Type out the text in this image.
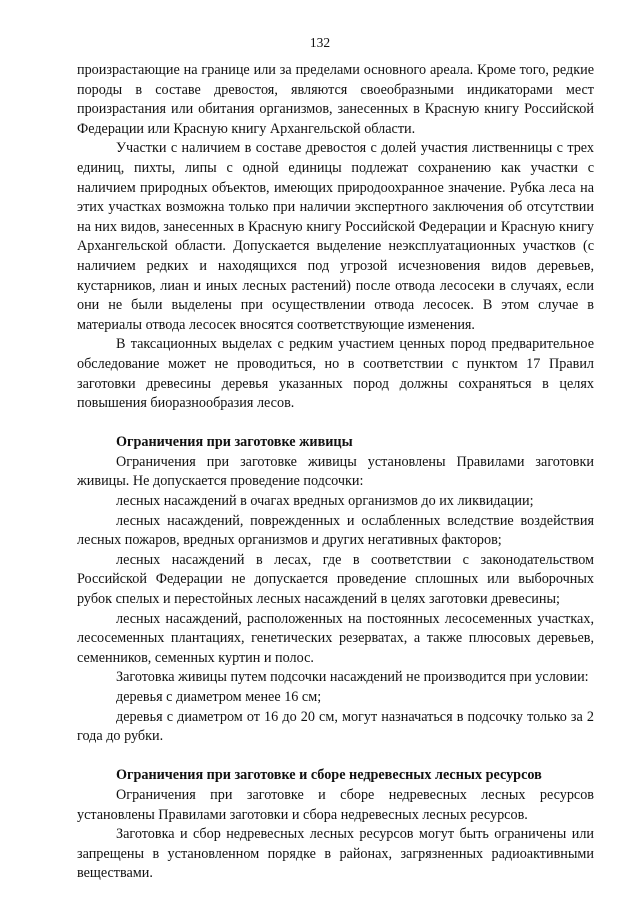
132

произрастающие на границе или за пределами основного ареала. Кроме того, редкие породы в составе древостоя, являются своеобразными индикаторами мест произрастания или обитания организмов, занесенных в Красную книгу Российской Федерации или Красную книгу Архангельской области.

Участки с наличием в составе древостоя с долей участия лиственницы с трех единиц, пихты, липы с одной единицы подлежат сохранению как участки с наличием природных объектов, имеющих природоохранное значение. Рубка леса на этих участках возможна только при наличии экспертного заключения об отсутствии на них видов, занесенных в Красную книгу Российской Федерации и Красную книгу Архангельской области. Допускается выделение неэксплуатационных участков (с наличием редких и находящихся под угрозой исчезновения видов деревьев, кустарников, лиан и иных лесных растений) после отвода лесосеки в случаях, если они не были выделены при осуществлении отвода лесосек. В этом случае в материалы отвода лесосек вносятся соответствующие изменения.

В таксационных выделах с редким участием ценных пород предварительное обследование может не проводиться, но в соответствии с пунктом 17 Правил заготовки древесины деревья указанных пород должны сохраняться в целях повышения биоразнообразия лесов.

Ограничения при заготовке живицы

Ограничения при заготовке живицы установлены Правилами заготовки живицы. Не допускается проведение подсочки:

лесных насаждений в очагах вредных организмов до их ликвидации;

лесных насаждений, поврежденных и ослабленных вследствие воздействия лесных пожаров, вредных организмов и других негативных факторов;

лесных насаждений в лесах, где в соответствии с законодательством Российской Федерации не допускается проведение сплошных или выборочных рубок спелых и перестойных лесных насаждений в целях заготовки древесины;

лесных насаждений, расположенных на постоянных лесосеменных участках, лесосеменных плантациях, генетических резерватах, а также плюсовых деревьев, семенников, семенных куртин и полос.

Заготовка живицы путем подсочки насаждений не производится при условии:

деревья с диаметром менее 16 см;

деревья с диаметром от 16 до 20 см, могут назначаться в подсочку только за 2 года до рубки.

Ограничения при заготовке и сборе недревесных лесных ресурсов

Ограничения при заготовке и сборе недревесных лесных ресурсов установлены Правилами заготовки и сбора недревесных лесных ресурсов.

Заготовка и сбор недревесных лесных ресурсов могут быть ограничены или запрещены в установленном порядке в районах, загрязненных радиоактивными веществами.
